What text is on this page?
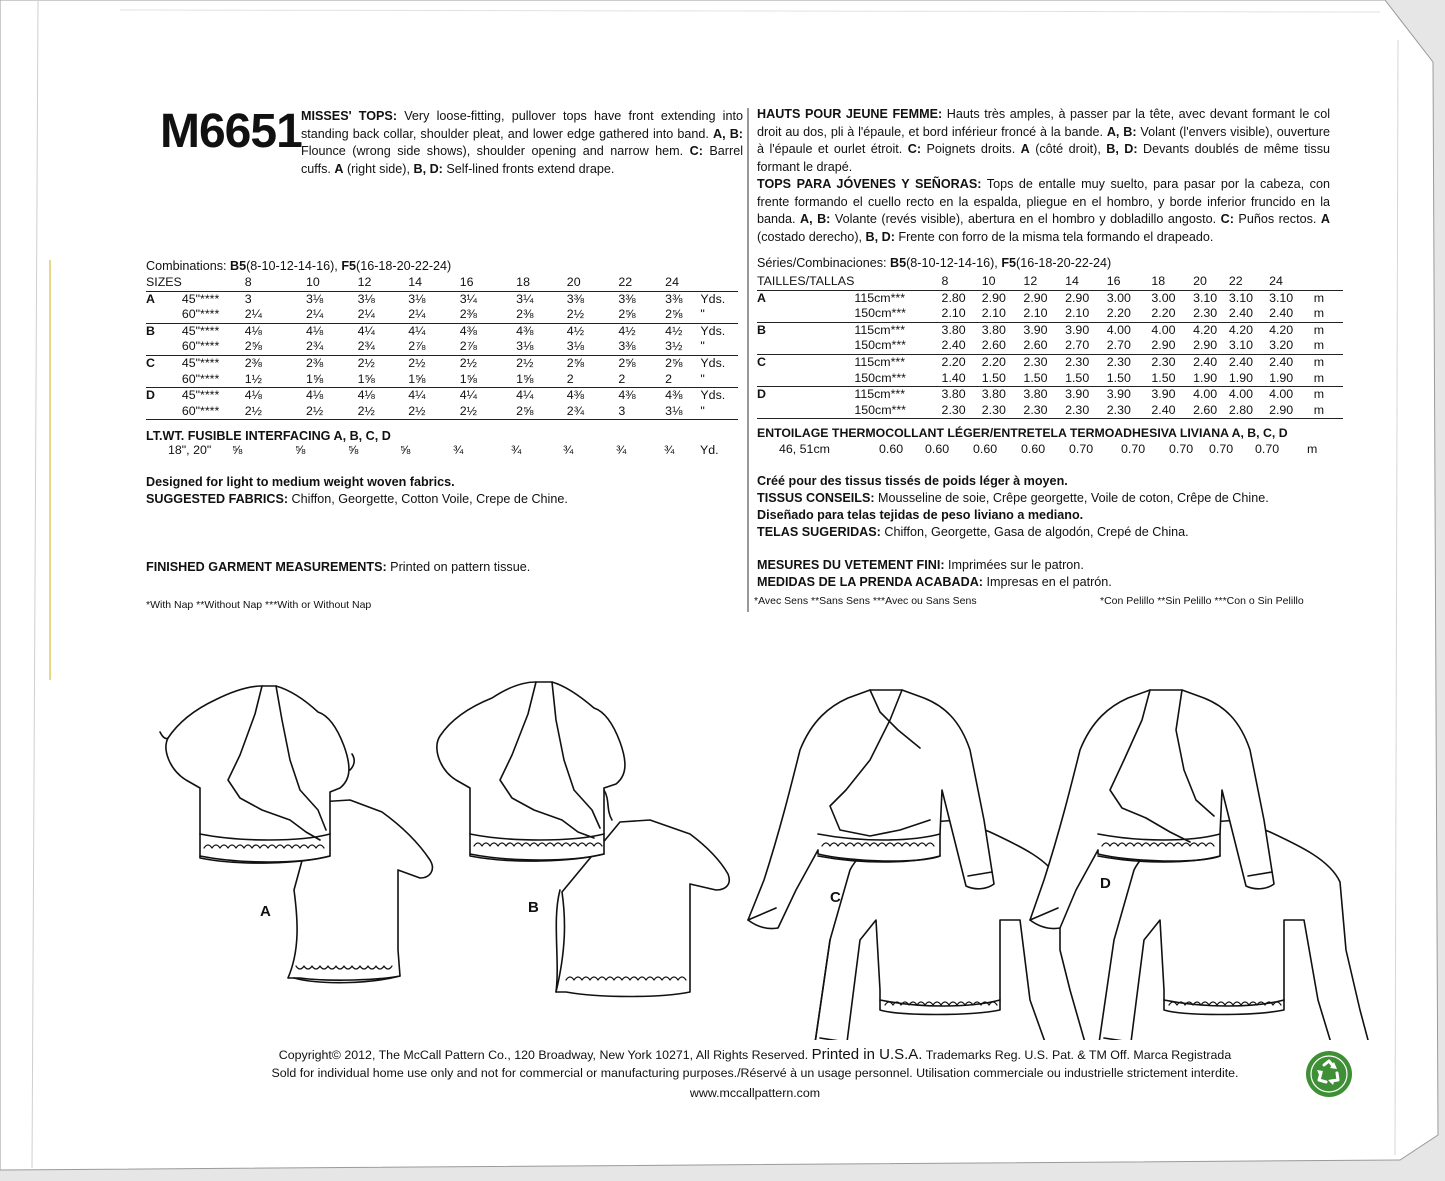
M6651 MISSES' TOPS: Very loose-fitting, pullover tops have front extending into standing back collar, shoulder pleat, and lower edge gathered into band. A, B: Flounce (wrong side shows), shoulder opening and narrow hem. C: Barrel cuffs. A (right side), B, D: Self-lined fronts extend drape.

HAUTS POUR JEUNE FEMME: Hauts très amples, à passer par la tête, avec devant formant le col droit au dos, pli à l'épaule, et bord inférieur froncé à la bande. A, B: Volant (l'envers visible), ouverture à l'épaule et ourlet étroit. C: Poignets droits. A (côté droit), B, D: Devants doublés de même tissu formant le drapé.

TOPS PARA JÓVENES Y SEÑORAS: Tops de entalle muy suelto, para pasar por la cabeza, con frente formando el cuello recto en la espalda, pliegue en el hombro, y borde inferior fruncido en la banda. A, B: Volante (revés visible), abertura en el hombro y dobladillo angosto. C: Puños rectos. A (costado derecho), B, D: Frente con forro de la misma tela formando el drapeado.

Combinations: B5(8-10-12-14-16), F5(16-18-20-22-24)	Séries/Combinaciones: B5(8-10-12-14-16), F5(16-18-20-22-24)
SIZES		8	10	12	14	16	18	20	22	24	
A	45"****	3	3⅛	3⅛	3⅛	3¼	3¼	3⅜	3⅜	3⅜	Yds.
	60"****	2¼	2¼	2¼	2¼	2⅜	2⅜	2½	2⅝	2⅝	"
B	45"****	4⅛	4⅛	4¼	4¼	4⅜	4⅜	4½	4½	4½	Yds.
	60"****	2⅝	2¾	2¾	2⅞	2⅞	3⅛	3⅛	3⅜	3½	"
C	45"****	2⅜	2⅜	2½	2½	2½	2½	2⅝	2⅝	2⅝	Yds.
	60"****	1½	1⅝	1⅝	1⅝	1⅝	1⅝	2	2	2	"
D	45"****	4⅛	4⅛	4⅛	4¼	4¼	4¼	4⅜	4⅜	4⅜	Yds.
	60"****	2½	2½	2½	2½	2½	2⅝	2¾	3	3⅛	"
LT.WT. FUSIBLE INTERFACING A, B, C, D
	18", 20"	⅝	⅝	⅝	⅝	¾	¾	¾	¾	¾	Yd.
TAILLES/TALLAS		8	10	12	14	16	18	20	22	24	
A	115cm***	2.80	2.90	2.90	2.90	3.00	3.00	3.10	3.10	3.10	m
	150cm***	2.10	2.10	2.10	2.10	2.20	2.20	2.30	2.40	2.40	m
B	115cm***	3.80	3.80	3.90	3.90	4.00	4.00	4.20	4.20	4.20	m
	150cm***	2.40	2.60	2.60	2.70	2.70	2.90	2.90	3.10	3.20	m
C	115cm***	2.20	2.20	2.30	2.30	2.30	2.30	2.40	2.40	2.40	m
	150cm***	1.40	1.50	1.50	1.50	1.50	1.50	1.90	1.90	1.90	m
D	115cm***	3.80	3.80	3.80	3.90	3.90	3.90	4.00	4.00	4.00	m
	150cm***	2.30	2.30	2.30	2.30	2.30	2.40	2.60	2.80	2.90	m
ENTOILAGE THERMOCOLLANT LÉGER/ENTRETELA TERMOADHESIVA LIVIANA A, B, C, D
	46, 51cm	0.60	0.60	0.60	0.60	0.70	0.70	0.70	0.70	0.70	m
Designed for light to medium weight woven fabrics.
SUGGESTED FABRICS: Chiffon, Georgette, Cotton Voile, Crepe de Chine.
FINISHED GARMENT MEASUREMENTS: Printed on pattern tissue.
*With Nap **Without Nap ***With or Without Nap
Créé pour des tissus tissés de poids léger à moyen.
TISSUS CONSEILS: Mousseline de soie, Crêpe georgette, Voile de coton, Crêpe de Chine.
Diseñado para telas tejidas de peso liviano a mediano.
TELAS SUGERIDAS: Chiffon, Georgette, Gasa de algodón, Crepé de China.
MESURES DU VETEMENT FINI: Imprimées sur le patron.
MEDIDAS DE LA PRENDA ACABADA: Impresas en el patrón.
*Avec Sens **Sans Sens ***Avec ou Sans Sens	*Con Pelillo **Sin Pelillo ***Con o Sin Pelillo
A	B
C
D
Copyright© 2012, The McCall Pattern Co., 120 Broadway, New York 10271, All Rights Reserved. Printed in U.S.A. Trademarks Reg. U.S. Pat. & TM Off. Marca Registrada
Sold for individual home use only and not for commercial or manufacturing purposes./Réservé à un usage personnel. Utilisation commerciale ou industrielle strictement interdite.
www.mccallpattern.com
